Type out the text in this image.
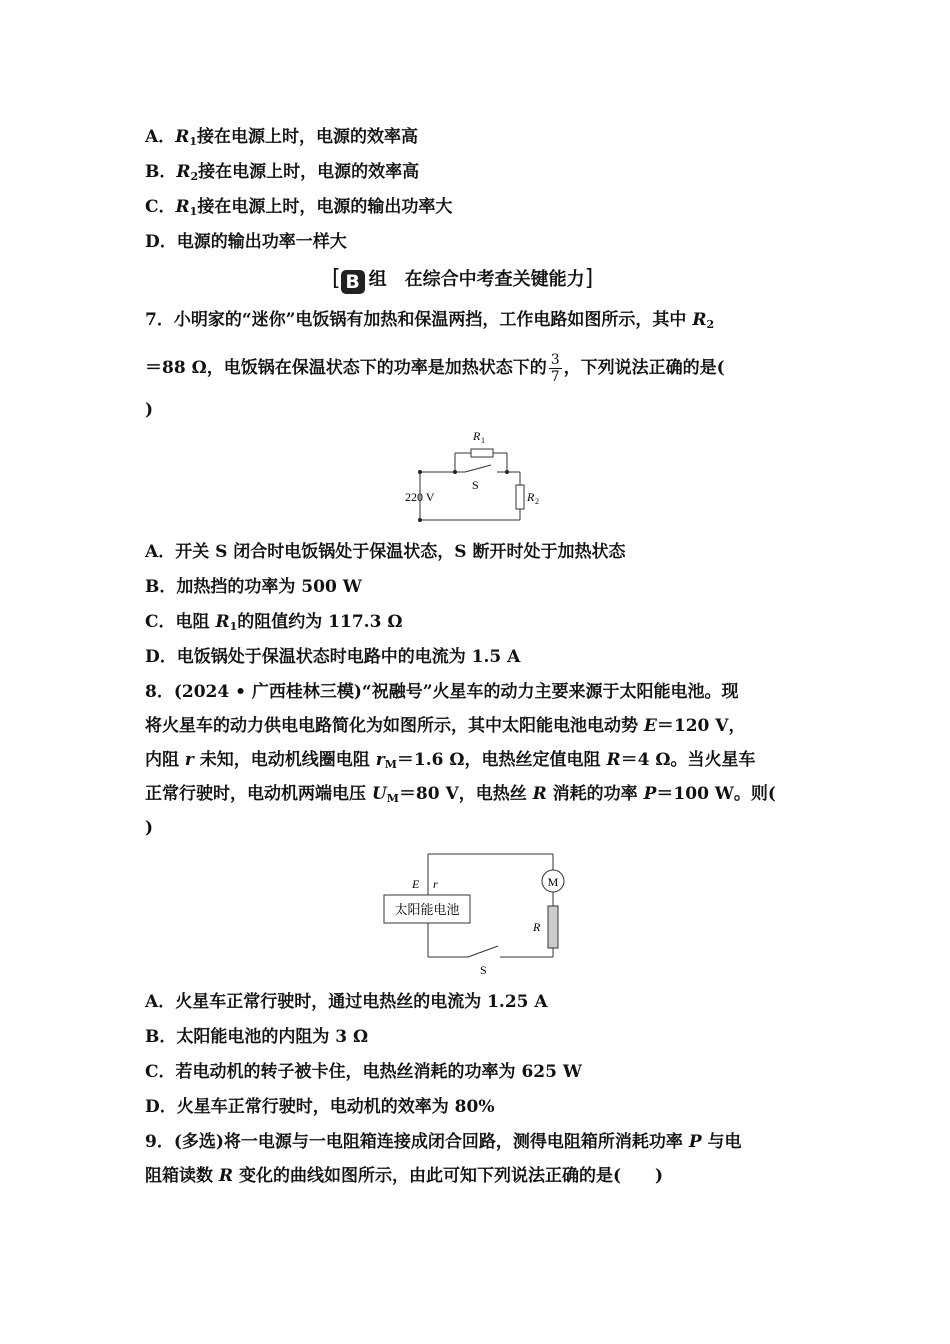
A．$R_1$接在电源上时，电源的效率高
B．$R_2$接在电源上时，电源的效率高
C．$R_1$接在电源上时，电源的输出功率大
D．电源的输出功率一样大
[ B 组　在综合中考查关键能力]
7．小明家的“迷你”电饭锅有加热和保温两挡，工作电路如图所示，其中 $R_2$
＝88 Ω，电饭锅在保温状态下的功率是加热状态下的 $\frac{3}{7}$ ，下列说法正确的是(
)
R 1
R 2
S
220 V
A．开关 S 闭合时电饭锅处于保温状态，S 断开时处于加热状态
B．加热挡的功率为 500 W
C．电阻 $R_1$的阻值约为 117.3 Ω
D．电饭锅处于保温状态时电路中的电流为 1.5 A
8．(2024 • 广西桂林三模)“祝融号”火星车的动力主要来源于太阳能电池。现
将火星车的动力供电电路简化为如图所示，其中太阳能电池电动势 E＝120 V，
内阻 r 未知，电动机线圈电阻 $r_M=1.6$ Ω，电热丝定值电阻 R＝4 Ω。当火星车
正常行驶时，电动机两端电压 $U_M=80$ V，电热丝 R 消耗的功率 P＝100 W。则(
)
太阳能电池
E r	M
R
S
A．火星车正常行驶时，通过电热丝的电流为 1.25 A
B．太阳能电池的内阻为 3 Ω
C．若电动机的转子被卡住，电热丝消耗的功率为 625 W
D．火星车正常行驶时，电动机的效率为 80%
9．(多选)将一电源与一电阻箱连接成闭合回路，测得电阻箱所消耗功率 P 与电
阻箱读数 R 变化的曲线如图所示，由此可知下列说法正确的是(　　)
